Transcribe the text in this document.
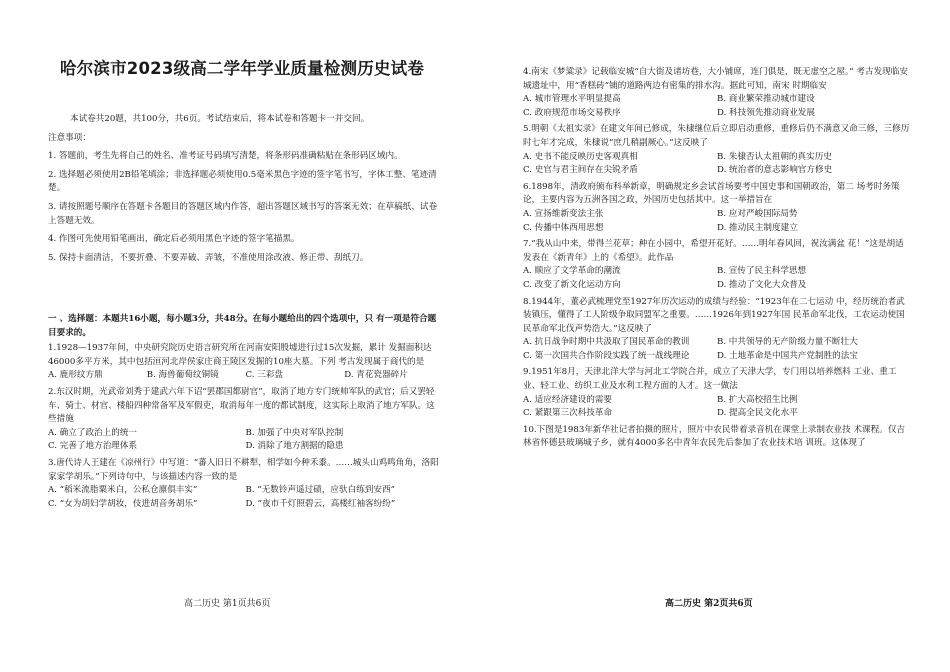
哈尔滨市2023级高二学年学业质量检测历史试卷

本试卷共20题，共100分，共6页。考试结束后，将本试卷和答题卡一并交回。

注意事项：

1. 答题前，考生先将自己的姓名、准考证号码填写清楚，将条形码准确粘贴在条形码区域内。

2. 选择题必须使用2B铅笔填涂；非选择题必须使用0.5毫米黑色字迹的签字笔书写，字体工整、笔迹清楚。

3. 请按照题号顺序在答题卡各题目的答题区域内作答，超出答题区域书写的答案无效；在草稿纸、试卷上答题无效。

4. 作图可先使用铅笔画出，确定后必须用黑色字迹的签字笔描黑。

5. 保持卡面清洁，不要折叠、不要弄破、弄皱，不准使用涂改液、修正带、刮纸刀。

一 、选择题：本题共16小题，每小题3分，共48分。在每小题给出的四个选项中，只 有一项是符合题目要求的。

1.1928—1937年间，中央研究院历史语言研究所在河南安阳殷墟进行过15次发掘，累计 发掘面积达46000多平方米，其中包括洹河北岸侯家庄商王陵区发掘的10座大墓。下列 考古发现属于商代的是

A. 鹿形纹方鼎	B. 海兽葡萄纹铜镜	C. 三彩盘	D. 青花瓷器碎片

2.东汉时期，光武帝刘秀于建武六年下诏“罢郡国都尉官”，取消了地方专门统帅军队的武官；后又罢轻车、骑士、材官、楼船四种常备军及军假吏，取消每年一度的都试制度，这实际上取消了地方军队。这些措施

A. 确立了政治上的统一	B. 加强了中央对军队控制
C. 完善了地方治理体系	D. 消除了地方割据的隐患

3.唐代诗人王建在《凉州行》中写道：“蕃人旧日不耕犁，相学如今种禾黍。……城头山鸡鸣角角，洛阳家家学胡乐。”下列诗句中，与该描述内容一致的是

A. “稻米流脂粟米白，公私仓廪俱丰实”	B. “无数铃声遥过碛，应驮白练到安西”
C. “女为胡妇学胡妆，伎进胡音务胡乐”	D. “夜市千灯照碧云，高楼红袖客纷纷”
高二历史 第1页共6页

4.南宋《梦粱录》记载临安城“自大街及诸坊巷，大小铺席，连门俱是，既无虚空之屋。” 考古发现临安城遗址中，用“香糕砖”铺的道路两边有密集的排水沟。据此可知，南宋 时期临安

A. 城市管理水平明显提高	B. 商业繁荣推动城市建设
C. 政府规范市场交易秩序	D. 科技领先推动商业发展

5.明朝《太祖实录》在建文年间已修成，朱棣继位后立即启动重修，重修后仍不满意又命三修，三修历时七年才完成，朱棣说“庶几稍副厥心。”这反映了

A. 史书不能反映历史客观真相	B. 朱棣否认太祖朝的真实历史
C. 史官与君主间存在尖锐矛盾	D. 统治者的意志影响官方修史

6.1898年，清政府颁布科举新章，明确规定乡会试首场要考中国史事和国朝政治，第二 场考时务策论，主要内容为五洲各国之政，外国历史包括其中。这一举措旨在

A. 宣扬维新变法主张	B. 应对严峻国际局势
C. 传播中体西用思想	D. 推动民主制度建立

7.“我从山中来，带得兰花草；种在小园中，希望开花好。……明年春风回，祝汝满盆 花！”这是胡适发表在《新青年》上的《希望》。此作品

A. 顺应了文学革命的潮流	B. 宣传了民主科学思想
C. 改变了新文化运动方向	D. 推动了文化大众普及

8.1944年，董必武梳理党至1927年历次运动的成绩与经验：“1923年在二七运动 中，经历统治者武装镇压，懂得了工人阶级争取同盟军之重要。……1926年到1927年国 民革命军北伐，工农运动使国民革命军北伐声势浩大。”这反映了

A. 抗日战争时期中共汲取了国民革命的教训	B. 中共领导的无产阶级力量不断壮大
C. 第一次国共合作阶段实践了统一战线理论	D. 土地革命是中国共产党制胜的法宝

9.1951年8月，天津北洋大学与河北工学院合并，成立了天津大学，专门用以培养燃料 工业、重工业、轻工业、纺织工业及水利工程方面的人才。这一做法

A. 适应经济建设的需要	B. 扩大高校招生比例
C. 紧跟第三次科技革命	D. 提高全民文化水平

10.下图是1983年新华社记者拍摄的照片，照片中农民带着录音机在课堂上录制农业技 术课程。仅吉林省怀德县玻璃城子乡，就有4000多名中青年农民先后参加了农业技术培 训班。这体现了

高二历史 第2页共6页
